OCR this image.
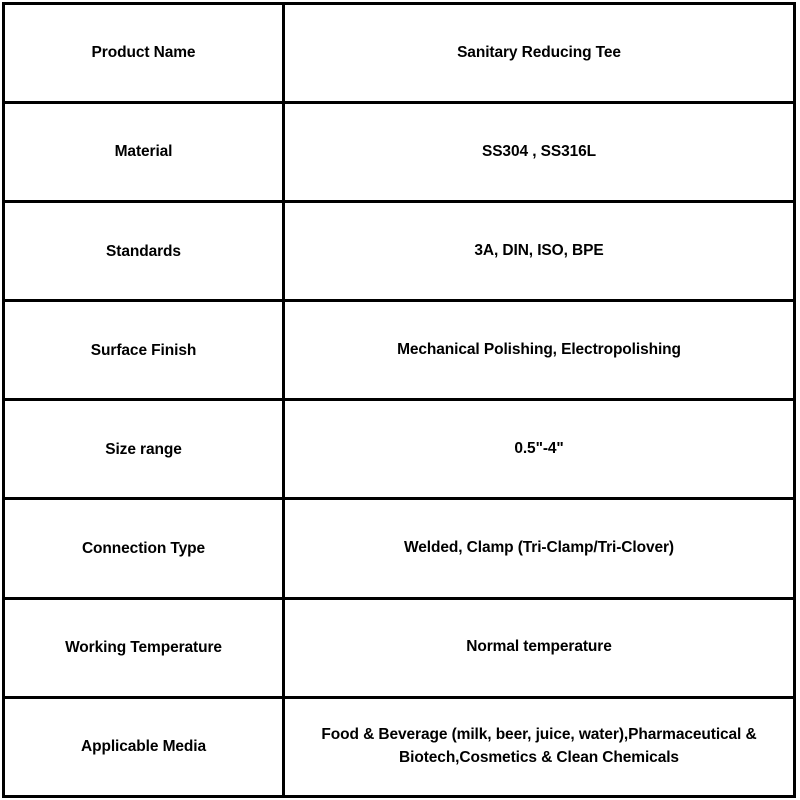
Product Name	Sanitary Reducing Tee
Material	SS304 , SS316L
Standards	3A, DIN, ISO, BPE
Surface Finish	Mechanical Polishing, Electropolishing
Size range	0.5"-4"
Connection Type	Welded, Clamp (Tri-Clamp/Tri-Clover)
Working Temperature	Normal temperature
Applicable Media	Food & Beverage (milk, beer, juice, water),Pharmaceutical &
Biotech,Cosmetics & Clean Chemicals
